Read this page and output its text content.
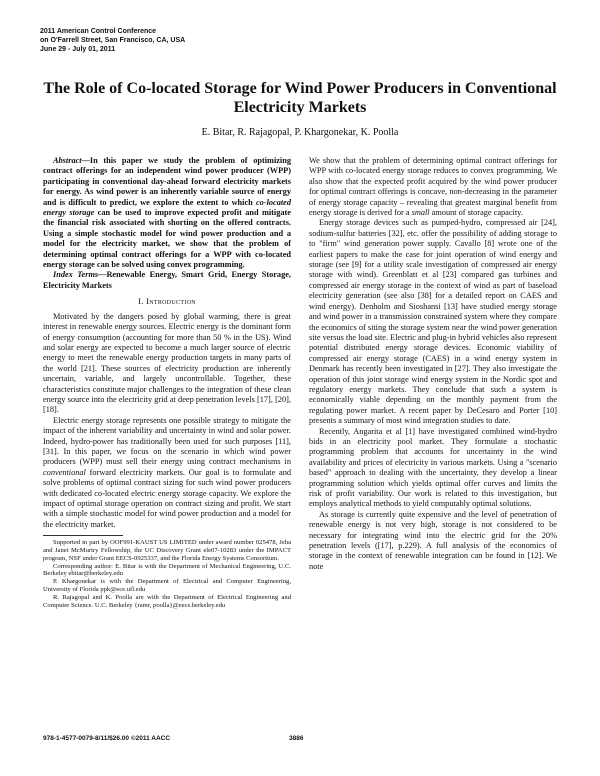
2011 American Control Conference
on O'Farrell Street, San Francisco, CA, USA
June 29 - July 01, 2011
The Role of Co-located Storage for Wind Power Producers in Conventional Electricity Markets
E. Bitar, R. Rajagopal, P. Khargonekar, K. Poolla

Abstract—In this paper we study the problem of optimizing contract offerings for an independent wind power producer (WPP) participating in conventional day-ahead forward electricity markets for energy. As wind power is an inherently variable source of energy and is difficult to predict, we explore the extent to which co-located energy storage can be used to improve expected profit and mitigate the financial risk associated with shorting on the offered contracts. Using a simple stochastic model for wind power production and a model for the electricity market, we show that the problem of determining optimal contract offerings for a WPP with co-located energy storage can be solved using convex programming.

Index Terms—Renewable Energy, Smart Grid, Energy Storage, Electricity Markets

I. Introduction

Motivated by the dangers posed by global warming, there is great interest in renewable energy sources. Electric energy is the dominant form of energy consumption (accounting for more than 50 % in the US). Wind and solar energy are expected to become a much larger source of electric energy to meet the renewable energy production targets in many parts of the world [21]. These sources of electricity production are inherently uncertain, variable, and largely uncontrollable. Together, these characteristics constitute major challenges to the integration of these clean energy source into the electricity grid at deep penetration levels [17], [20], [18].

Electric energy storage represents one possible strategy to mitigate the impact of the inherent variability and uncertainty in wind and solar power. Indeed, hydro-power has traditionally been used for such purposes [11], [31]. In this paper, we focus on the scenario in which wind power producers (WPP) must sell their energy using contract mechanisms in conventional forward electricity markets. Our goal is to formulate and solve problems of optimal contract sizing for such wind power producers with dedicated co-located electric energy storage capacity. We explore the impact of optimal storage operation on contract sizing and profit. We start with a simple stochastic model for wind power production and a model for the electricity market.

Supported in part by OOF991-KAUST US LIMITED under award number 025478, Jeha and Janet McMurtry Fellowship, the UC Discovery Grant ele07-10283 under the IMPACT program, NSF under Grant EECS-0925337, and the Florida Energy Systems Consortium.

Corresponding author: E. Bitar is with the Department of Mechanical Engineering, U.C. Berkeley ebitar@berkeley.edu

P. Khargonekar is with the Department of Electrical and Computer Engineering, University of Florida ppk@ece.ufl.edu

R. Rajagopal and K. Poolla are with the Department of Electrical Engineering and Computer Science. U.C. Berkeley {ramr, poolla}@eecs.berkeley.edu

We show that the problem of determining optimal contract offerings for WPP with co-located energy storage reduces to convex programming. We also show that the expected profit acquired by the wind power producer for optimal contract offerings is concave, non-decreasing in the parameter of energy storage capacity – revealing that greatest marginal benefit from energy storage is derived for a small amount of storage capacity.

Energy storage devices such as pumped-hydro, compressed air [24], sodium-sulfur batteries [32], etc. offer the possibility of adding storage to to "firm" wind generation power supply. Cavallo [8] wrote one of the earliest papers to make the case for joint operation of wind energy and storage (see [9] for a utility scale investigation of compressed air energy storage with wind). Greenblatt et al [23] compared gas turbines and compressed air energy storage in the context of wind as part of baseload electricity generation (see also [38] for a detailed report on CAES and wind energy). Denholm and Sioshansi [13] have studied energy storage and wind power in a transmission constrained system where they compare the economics of siting the storage system near the wind power generation site versus the load site. Electric and plug-in hybrid vehicles also represent potential distributed energy storage devices. Economic viability of compressed air energy storage (CAES) in a wind energy system in Denmark has recently been investigated in [27]. They also investigate the operation of this joint storage wind energy system in the Nordic spot and regulatory energy markets. They conclude that such a system is economically viable depending on the monthly payment from the regulating power market. A recent paper by DeCesaro and Porter [10] presents a summary of most wind integration studies to date.

Recently, Angarita et al [1] have investigated combined wind-hydro bids in an electricity pool market. They formulate a stochastic programming problem that accounts for uncertainty in the wind availability and prices of electricity in various markets. Using a "scenario based" approach to dealing with the uncertainty, they develop a linear programming solution which yields optimal offer curves and limits the risk of profit variability. Our work is related to this investigation, but employs analytical methods to yield computably optimal solutions.

As storage is currently quite expensive and the level of penetration of renewable energy is not very high, storage is not considered to be necessary for integrating wind into the electric grid for the 20% penetration levels ([17], p.229). A full analysis of the economics of storage in the context of renewable integration can be found in [12]. We note

978-1-4577-0079-8/11/$26.00 ©2011 AACC	3886
